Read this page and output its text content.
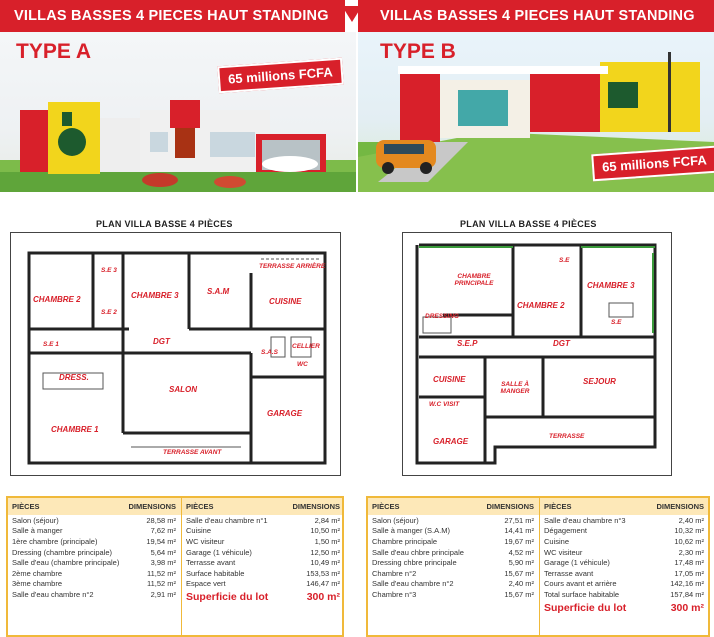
VILLAS BASSES 4 PIECES HAUT STANDING	VILLAS BASSES 4 PIECES HAUT STANDING
TYPE A
65 millions FCFA
TYPE B
65 millions FCFA
PLAN VILLA BASSE 4 PIÈCES	PLAN VILLA BASSE 4 PIÈCES
CHAMBRE 2
S.E 3
S.E 2
CHAMBRE 3	S.A.M
TERRASSE ARRIÈRE
CUISINE
S.E 1	DGT
S.A.S
CELLIER
WC
DRESS.
SALON
CHAMBRE 1
GARAGE
TERRASSE AVANT
CHAMBRE PRINCIPALE
DRESSING
CHAMBRE 2
CHAMBRE 3
S.E
S.E
S.E.P	DGT
CUISINE
W.C VISIT
SALLE À MANGER
SEJOUR
TERRASSE
GARAGE
PIÈCES	DIMENSIONS
Salon (séjour)	28,58 m²
Salle à manger	7,62 m²
1ère chambre (principale)	19,54 m²
Dressing (chambre principale)	5,64 m²
Salle d'eau (chambre principale)	3,98 m²
2ème chambre	11,52 m²
3ème chambre	11,52 m²
Salle d'eau chambre n°2	2,91 m²
PIÈCES	DIMENSIONS
Salle d'eau chambre n°1	2,84 m²
Cuisine	10,50 m²
WC visiteur	1,50 m²
Garage (1 véhicule)	12,50 m²
Terrasse avant	10,49 m²
Surface habitable	153,53 m²
Espace vert	146,47 m²
Superficie du lot	300 m²
PIÈCES	DIMENSIONS
Salon (séjour)	27,51 m²
Salle à manger (S.A.M)	14,41 m²
Chambre principale	19,67 m²
Salle d'eau chbre principale	4,52 m²
Dressing chbre principale	5,90 m²
Chambre n°2	15,67 m²
Salle d'eau chambre n°2	2,40 m²
Chambre n°3	15,67 m²
PIÈCES	DIMENSIONS
Salle d'eau chambre n°3	2,40 m²
Dégagement	10,32 m²
Cuisine	10,62 m²
WC visiteur	2,30 m²
Garage (1 véhicule)	17,48 m²
Terrasse avant	17,05 m²
Cours avant et arrière	142,16 m²
Total surface habitable	157,84 m²
Superficie du lot	300 m²
